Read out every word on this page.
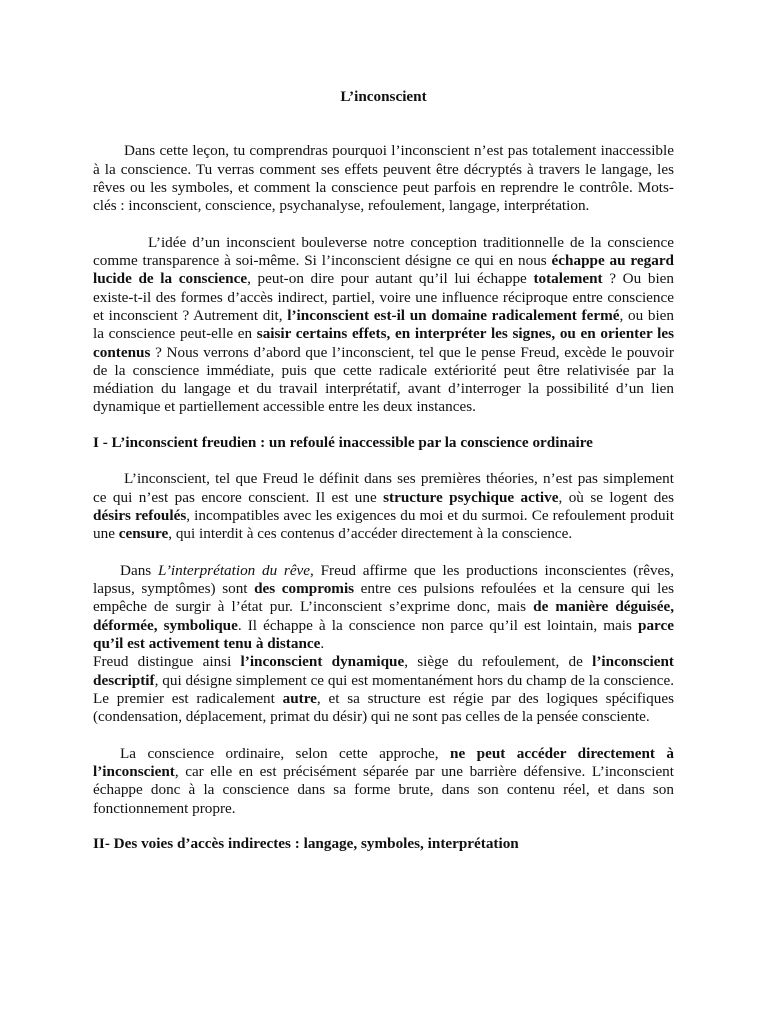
L’inconscient

Dans cette leçon, tu comprendras pourquoi l’inconscient n’est pas totalement inaccessible à la conscience. Tu verras comment ses effets peuvent être décryptés à travers le langage, les rêves ou les symboles, et comment la conscience peut parfois en reprendre le contrôle. Mots-clés : inconscient, conscience, psychanalyse, refoulement, langage, interprétation.

L’idée d’un inconscient bouleverse notre conception traditionnelle de la conscience comme transparence à soi-même. Si l’inconscient désigne ce qui en nous échappe au regard lucide de la conscience, peut-on dire pour autant qu’il lui échappe totalement ? Ou bien existe-t-il des formes d’accès indirect, partiel, voire une influence réciproque entre conscience et inconscient ? Autrement dit, l’inconscient est-il un domaine radicalement fermé, ou bien la conscience peut-elle en saisir certains effets, en interpréter les signes, ou en orienter les contenus ? Nous verrons d’abord que l’inconscient, tel que le pense Freud, excède le pouvoir de la conscience immédiate, puis que cette radicale extériorité peut être relativisée par la médiation du langage et du travail interprétatif, avant d’interroger la possibilité d’un lien dynamique et partiellement accessible entre les deux instances.

I - L’inconscient freudien : un refoulé inaccessible par la conscience ordinaire

L’inconscient, tel que Freud le définit dans ses premières théories, n’est pas simplement ce qui n’est pas encore conscient. Il est une structure psychique active, où se logent des désirs refoulés, incompatibles avec les exigences du moi et du surmoi. Ce refoulement produit une censure, qui interdit à ces contenus d’accéder directement à la conscience.

Dans L’interprétation du rêve, Freud affirme que les productions inconscientes (rêves, lapsus, symptômes) sont des compromis entre ces pulsions refoulées et la censure qui les empêche de surgir à l’état pur. L’inconscient s’exprime donc, mais de manière déguisée, déformée, symbolique. Il échappe à la conscience non parce qu’il est lointain, mais parce qu’il est activement tenu à distance.

Freud distingue ainsi l’inconscient dynamique, siège du refoulement, de l’inconscient descriptif, qui désigne simplement ce qui est momentanément hors du champ de la conscience. Le premier est radicalement autre, et sa structure est régie par des logiques spécifiques (condensation, déplacement, primat du désir) qui ne sont pas celles de la pensée consciente.

La conscience ordinaire, selon cette approche, ne peut accéder directement à l’inconscient, car elle en est précisément séparée par une barrière défensive. L’inconscient échappe donc à la conscience dans sa forme brute, dans son contenu réel, et dans son fonctionnement propre.

II- Des voies d’accès indirectes : langage, symboles, interprétation
